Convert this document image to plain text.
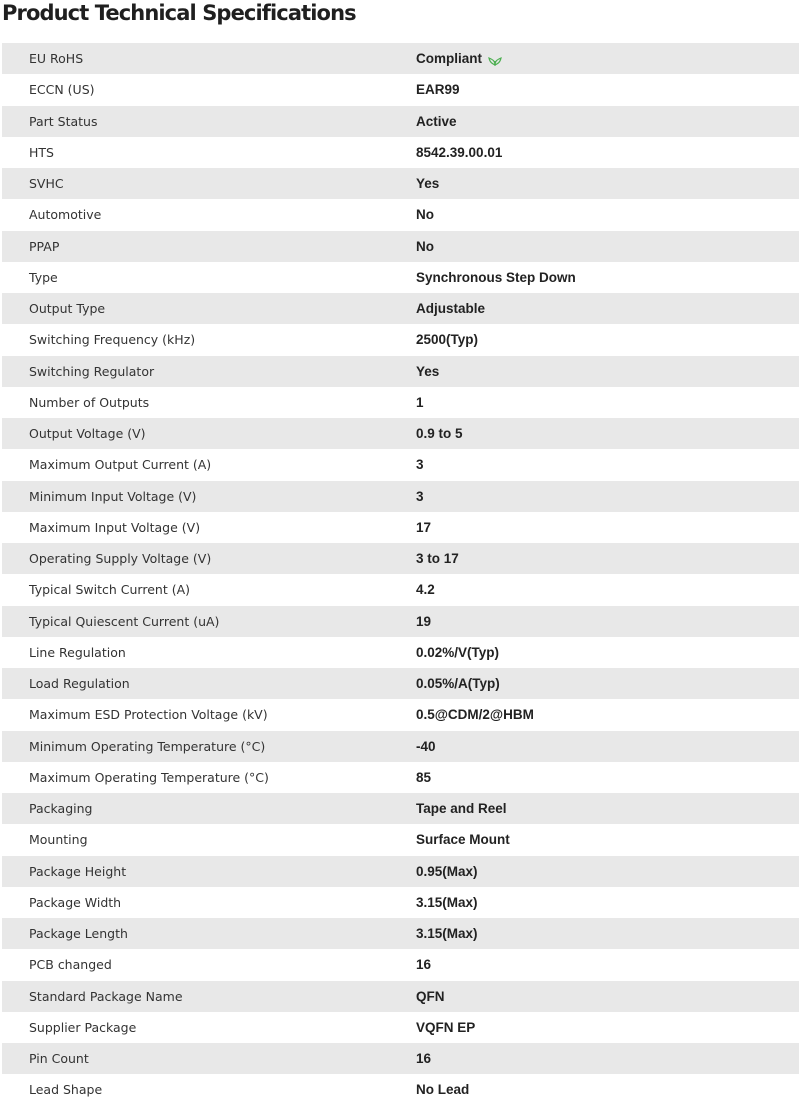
Product Technical Specifications
EU RoHS	Compliant
ECCN (US)	EAR99
Part Status	Active
HTS	8542.39.00.01
SVHC	Yes
Automotive	No
PPAP	No
Type	Synchronous Step Down
Output Type	Adjustable
Switching Frequency (kHz)	2500(Typ)
Switching Regulator	Yes
Number of Outputs	1
Output Voltage (V)	0.9 to 5
Maximum Output Current (A)	3
Minimum Input Voltage (V)	3
Maximum Input Voltage (V)	17
Operating Supply Voltage (V)	3 to 17
Typical Switch Current (A)	4.2
Typical Quiescent Current (uA)	19
Line Regulation	0.02%/V(Typ)
Load Regulation	0.05%/A(Typ)
Maximum ESD Protection Voltage (kV)	0.5@CDM/2@HBM
Minimum Operating Temperature (°C)	-40
Maximum Operating Temperature (°C)	85
Packaging	Tape and Reel
Mounting	Surface Mount
Package Height	0.95(Max)
Package Width	3.15(Max)
Package Length	3.15(Max)
PCB changed	16
Standard Package Name	QFN
Supplier Package	VQFN EP
Pin Count	16
Lead Shape	No Lead
